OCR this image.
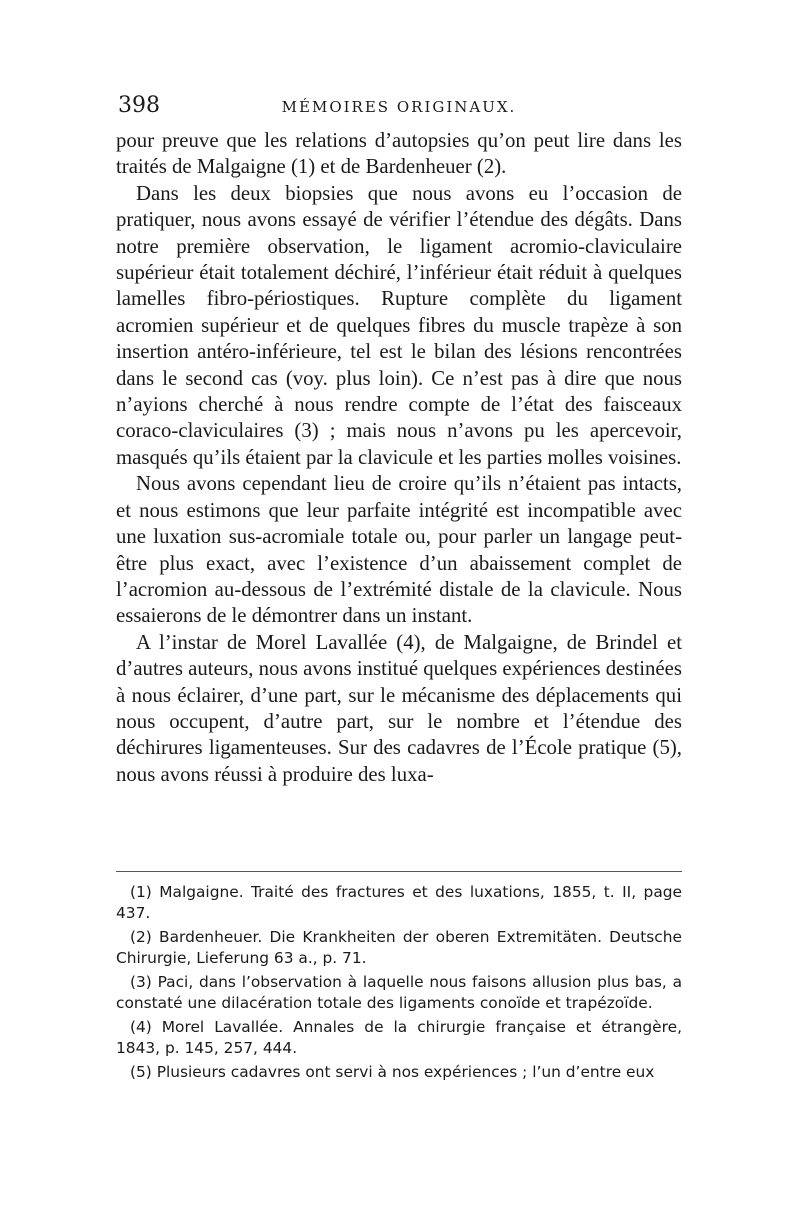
398	MÉMOIRES ORIGINAUX.

pour preuve que les relations d’autopsies qu’on peut lire dans les traités de Malgaigne (1) et de Bardenheuer (2).

Dans les deux biopsies que nous avons eu l’occasion de pratiquer, nous avons essayé de vérifier l’étendue des dégâts. Dans notre première observation, le ligament acromio-claviculaire supérieur était totalement déchiré, l’inférieur était réduit à quelques lamelles fibro-périostiques. Rupture complète du ligament acromien supérieur et de quelques fibres du muscle trapèze à son insertion antéro-inférieure, tel est le bilan des lésions rencontrées dans le second cas (voy. plus loin). Ce n’est pas à dire que nous n’ayions cherché à nous rendre compte de l’état des faisceaux coraco-claviculaires (3) ; mais nous n’avons pu les apercevoir, masqués qu’ils étaient par la clavicule et les parties molles voisines.

Nous avons cependant lieu de croire qu’ils n’étaient pas intacts, et nous estimons que leur parfaite intégrité est incompatible avec une luxation sus-acromiale totale ou, pour parler un langage peut-être plus exact, avec l’existence d’un abaissement complet de l’acromion au-dessous de l’extrémité distale de la clavicule. Nous essaierons de le démontrer dans un instant.

A l’instar de Morel Lavallée (4), de Malgaigne, de Brindel et d’autres auteurs, nous avons institué quelques expériences destinées à nous éclairer, d’une part, sur le mécanisme des déplacements qui nous occupent, d’autre part, sur le nombre et l’étendue des déchirures ligamenteuses. Sur des cadavres de l’École pratique (5), nous avons réussi à produire des luxa-

(1) Malgaigne. Traité des fractures et des luxations, 1855, t. II, page 437.

(2) Bardenheuer. Die Krankheiten der oberen Extremitäten. Deutsche Chirurgie, Lieferung 63 a., p. 71.

(3) Paci, dans l’observation à laquelle nous faisons allusion plus bas, a constaté une dilacération totale des ligaments conoïde et trapézoïde.

(4) Morel Lavallée. Annales de la chirurgie française et étrangère, 1843, p. 145, 257, 444.

(5) Plusieurs cadavres ont servi à nos expériences ; l’un d’entre eux
